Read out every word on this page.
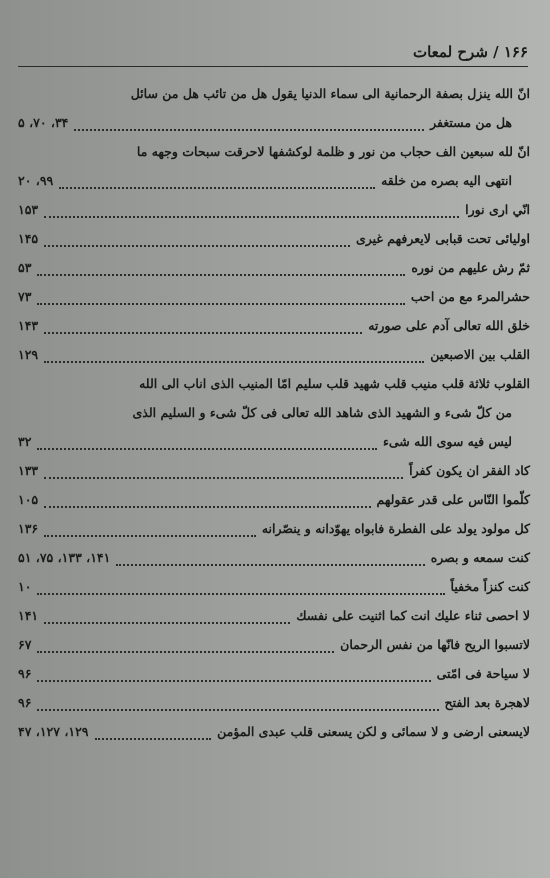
۱۶۶ / شرح لمعات
انّ الله ينزل بصفة الرحمانية الى سماء الدنيا يقول هل من تائب هل من سائل
هل من مستغفر
۳۴، ۷۰، ۵
انّ لله سبعين الف حجاب من نور و ظلمة لوكشفها لاحرقت سبحات وجهه ما
انتهى اليه بصره من خلقه
۹۹، ۲۰
انّي ارى نورا
۱۵۳
اوليائى تحت قبابى لايعرفهم غيرى
۱۴۵
ثمّ رش عليهم من نوره
۵۳
حشرالمرء مع من احب
۷۳
خلق الله تعالى آدم على صورته
۱۴۳
القلب بين الاصبعين
۱۲۹
القلوب ثلاثة قلب منيب قلب شهيد قلب سليم امّا المنيب الذى اناب الى الله
من كلّ شىء و الشهيد الذى شاهد الله تعالى فى كلّ شىء و السليم الذى
ليس فيه سوى الله شىء
۳۲
كاد الفقر ان يكون كفراً
۱۳۳
كلّموا النّاس على قدر عقولهم
۱۰۵
كل مولود يولد على الفطرة فابواه يهوّدانه و ينصّرانه
۱۳۶
كنت سمعه و بصره
۱۴۱، ۱۳۳، ۷۵، ۵۱
كنت كنزاً مخفياً
۱۰
لا احصى ثناء عليك انت كما اثنيت على نفسك
۱۴۱
لاتسبوا الريح فانّها من نفس الرحمان
۶۷
لا سياحة فى امّتى
۹۶
لاهجرة بعد الفتح
۹۶
لايسعنى ارضى و لا سمائى و لكن يسعنى قلب عبدى المؤمن
۱۲۹، ۱۲۷، ۴۷
